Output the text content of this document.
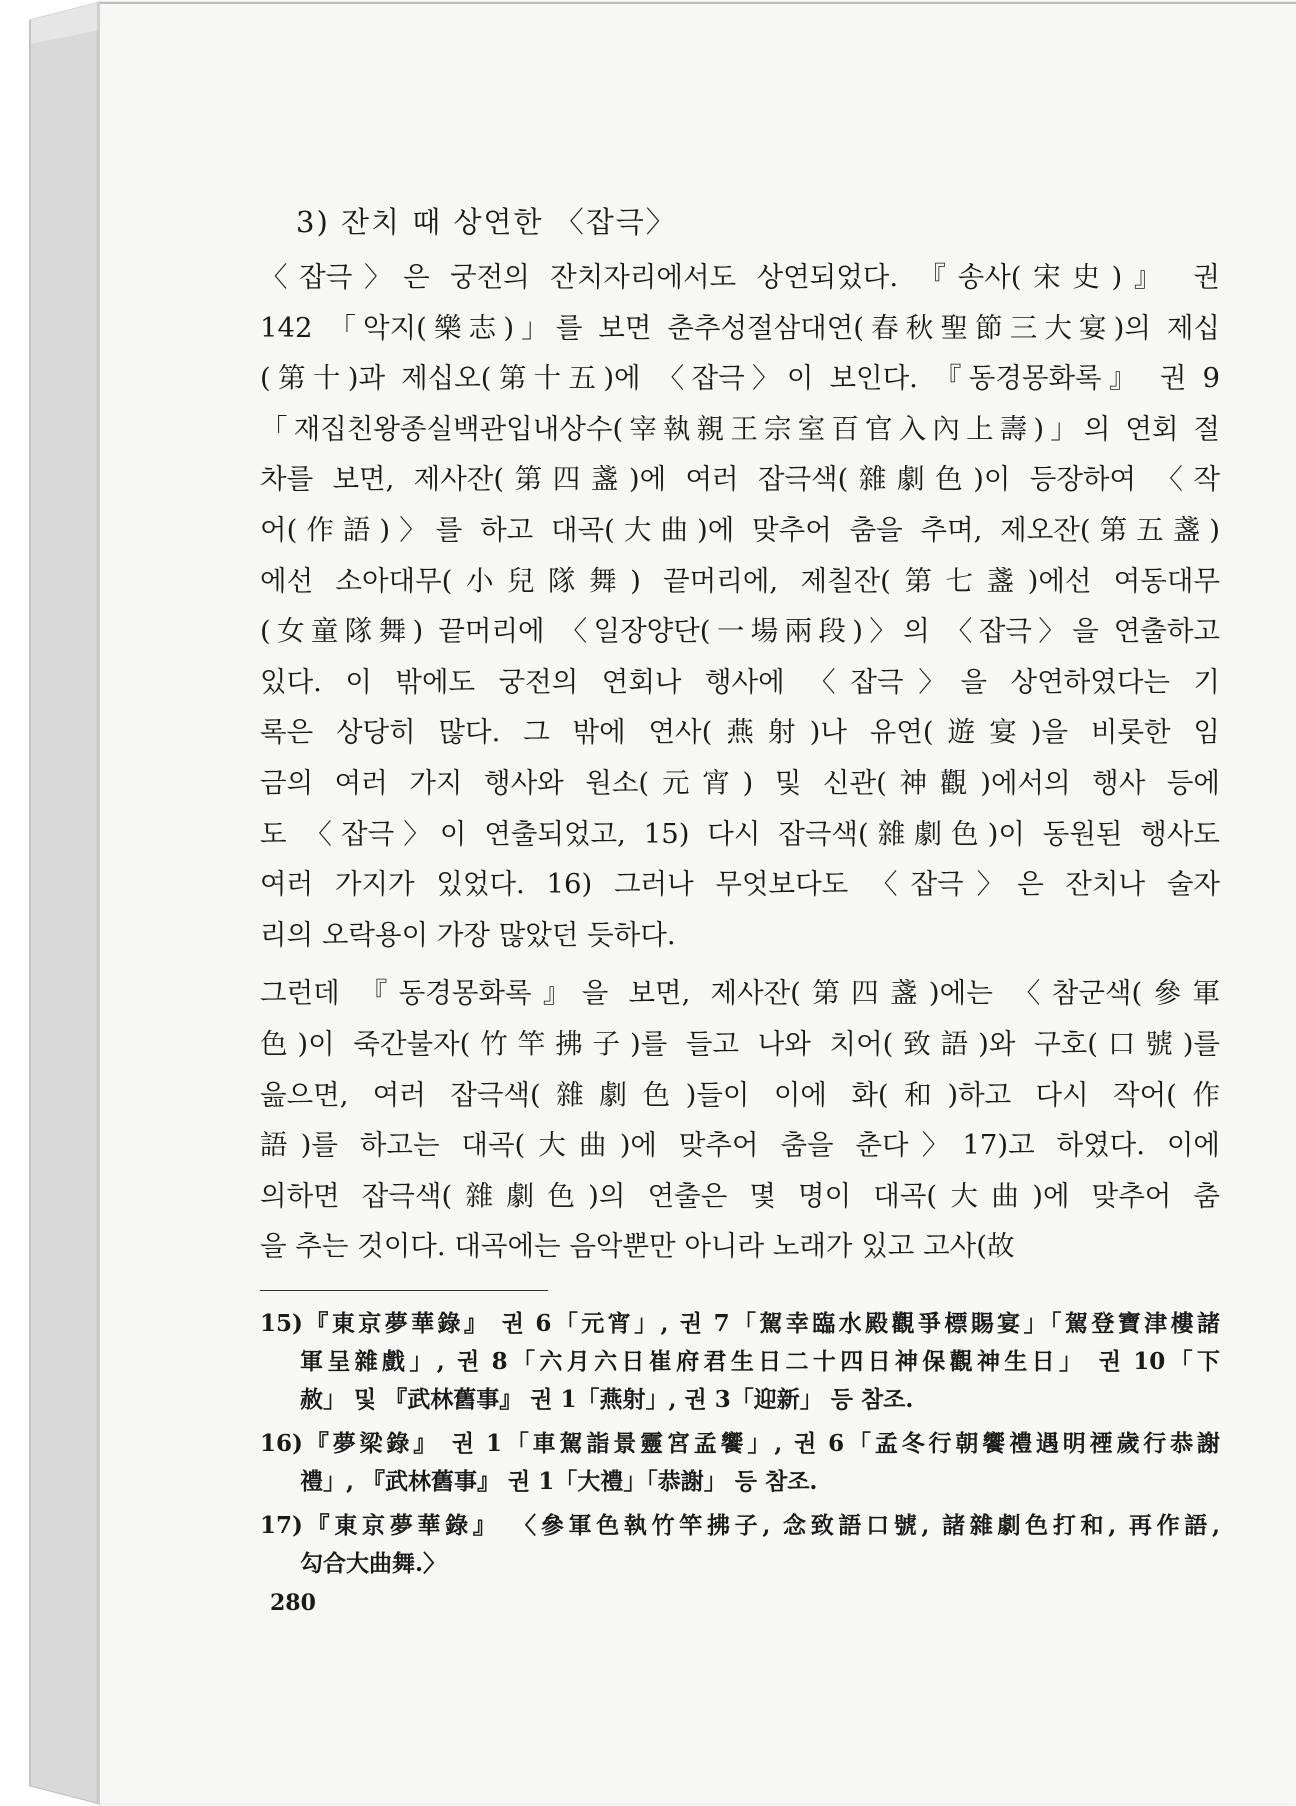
3) 잔치 때 상연한 〈잡극〉
〈잡극〉은 궁전의 잔치자리에서도 상연되었다. 『송사(宋史)』 권
142 「악지(樂志)」를 보면 춘추성절삼대연(春秋聖節三大宴)의 제십
(第十)과 제십오(第十五)에 〈잡극〉이 보인다. 『동경몽화록』 권 9
「재집친왕종실백관입내상수(宰執親王宗室百官入內上壽)」의 연회 절
차를 보면, 제사잔(第四盞)에 여러 잡극색(雜劇色)이 등장하여 〈작
어(作語)〉를 하고 대곡(大曲)에 맞추어 춤을 추며, 제오잔(第五盞)
에선 소아대무(小兒隊舞) 끝머리에, 제칠잔(第七盞)에선 여동대무
(女童隊舞) 끝머리에 〈일장양단(一場兩段)〉의 〈잡극〉을 연출하고
있다. 이 밖에도 궁전의 연회나 행사에 〈잡극〉을 상연하였다는 기
록은 상당히 많다. 그 밖에 연사(燕射)나 유연(遊宴)을 비롯한 임
금의 여러 가지 행사와 원소(元宵) 및 신관(神觀)에서의 행사 등에
도 〈잡극〉이 연출되었고, 15) 다시 잡극색(雜劇色)이 동원된 행사도
여러 가지가 있었다. 16) 그러나 무엇보다도 〈잡극〉은 잔치나 술자
리의 오락용이 가장 많았던 듯하다.
그런데 『동경몽화록』을 보면, 제사잔(第四盞)에는 〈참군색(參軍
色)이 죽간불자(竹竿拂子)를 들고 나와 치어(致語)와 구호(口號)를
읊으면, 여러 잡극색(雜劇色)들이 이에 화(和)하고 다시 작어(作
語)를 하고는 대곡(大曲)에 맞추어 춤을 춘다〉17)고 하였다. 이에
의하면 잡극색(雜劇色)의 연출은 몇 명이 대곡(大曲)에 맞추어 춤
을 추는 것이다. 대곡에는 음악뿐만 아니라 노래가 있고 고사(故
15)『東京夢華錄』 권 6「元宵」, 권 7「駕幸臨水殿觀爭標賜宴」「駕登寶津樓諸
軍呈雜戲」, 권 8「六月六日崔府君生日二十四日神保觀神生日」 권 10「下
赦」 및 『武林舊事』 권 1「燕射」, 권 3「迎新」 등 참조.
16)『夢梁錄』 권 1「車駕詣景靈宮孟饗」, 권 6「孟冬行朝饗禮遇明禋歲行恭謝
禮」, 『武林舊事』 권 1「大禮」「恭謝」 등 참조.
17)『東京夢華錄』 〈參軍色執竹竿拂子, 念致語口號, 諸雜劇色打和, 再作語,
勾合大曲舞.〉
280
